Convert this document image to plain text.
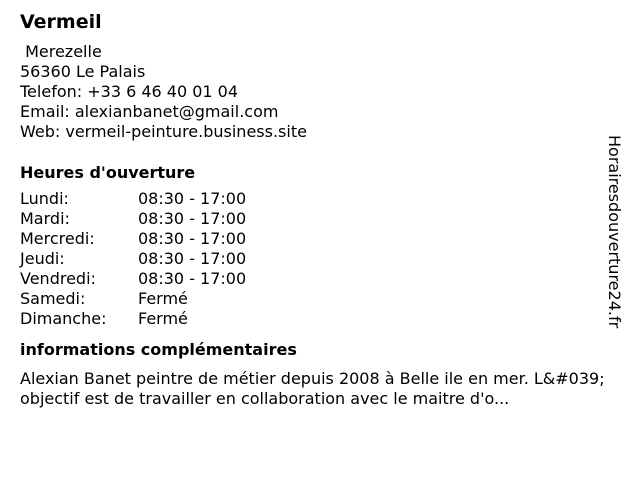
Vermeil
Merezelle
56360 Le Palais
Telefon: +33 6 46 40 01 04
Email: alexianbanet@gmail.com
Web: vermeil-peinture.business.site
Heures d'ouverture
Lundi:	08:30 - 17:00
Mardi:	08:30 - 17:00
Mercredi:	08:30 - 17:00
Jeudi:	08:30 - 17:00
Vendredi:	08:30 - 17:00
Samedi:	Fermé
Dimanche:	Fermé
informations complémentaires
Alexian Banet peintre de métier depuis 2008 à Belle ile en mer. L&#039;objectif est de travailler en collaboration avec le maitre d'o...
Horairesdouverture24.fr
